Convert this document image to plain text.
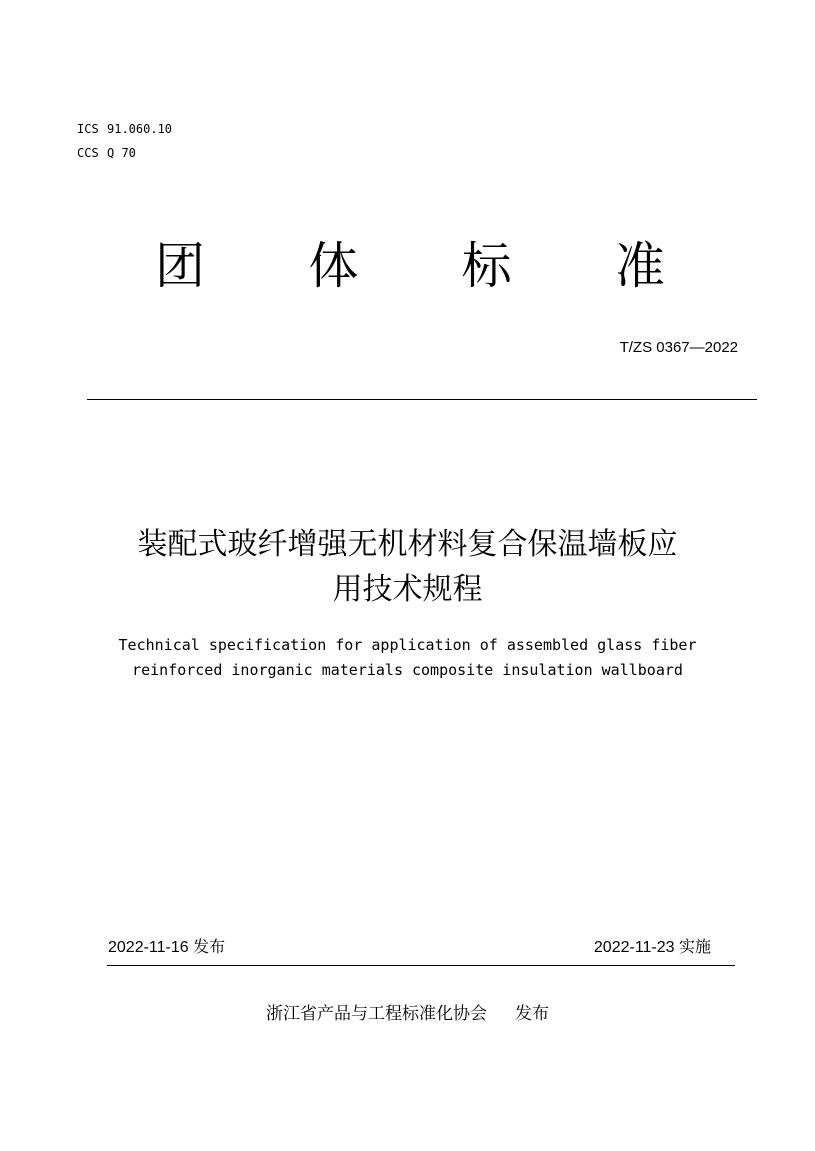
ICS 91.060.10
CCS Q 70
团 体 标 准
T/ZS 0367—2022
装配式玻纤增强无机材料复合保温墙板应
用技术规程
Technical specification for application of assembled glass fiber
reinforced inorganic materials composite insulation wallboard
2022-11-16 发布	2022-11-23 实施
浙江省产品与工程标准化协会 发布
